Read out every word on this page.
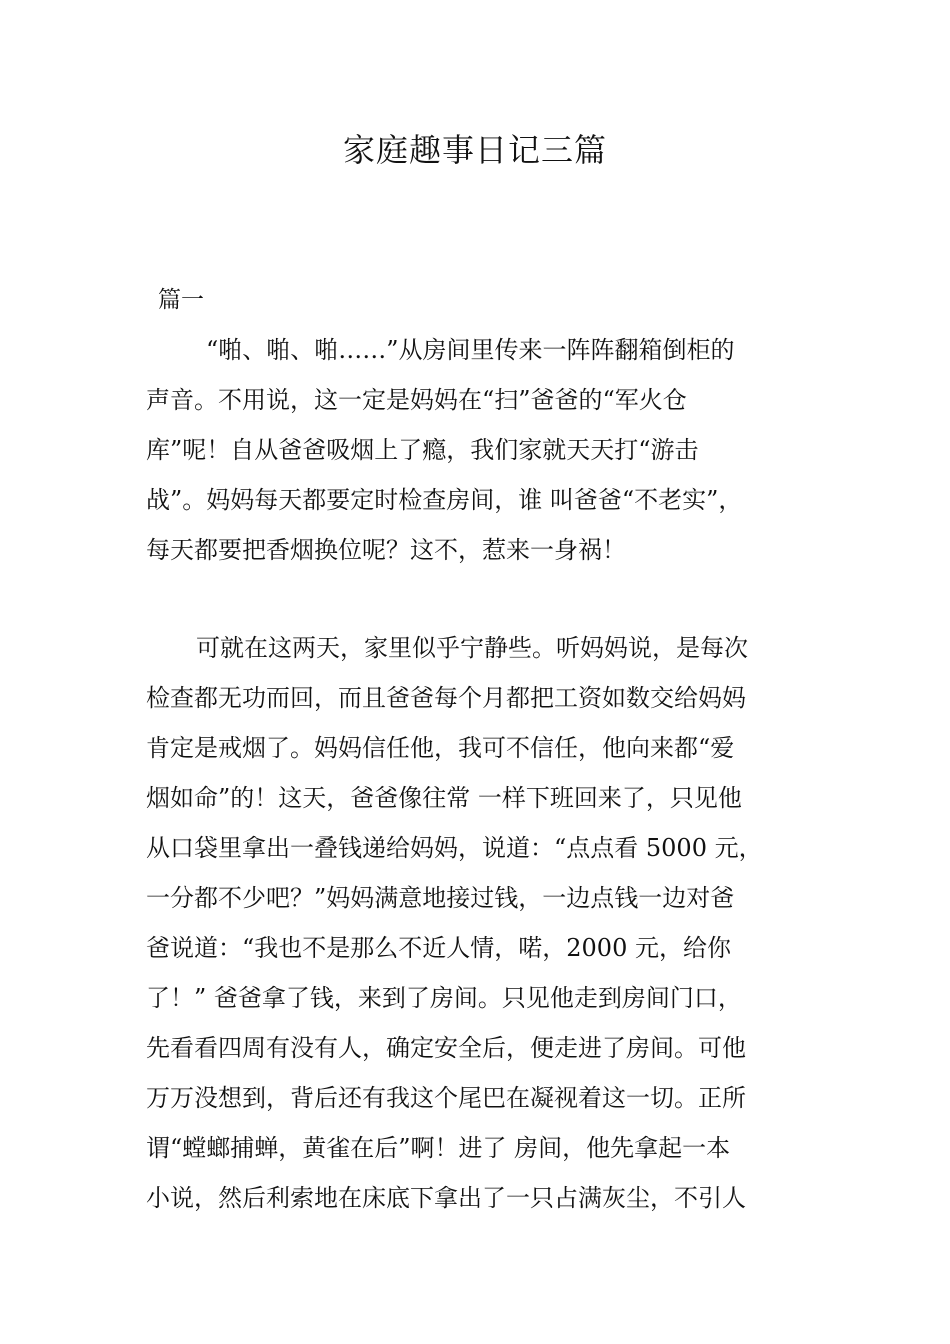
家庭趣事日记三篇
篇一
“啪、啪、啪……”从房间里传来一阵阵翻箱倒柜的
声音。不用说，这一定是妈妈在“扫”爸爸的“军火仓
库”呢！自从爸爸吸烟上了瘾，我们家就天天打“游击
战”。妈妈每天都要定时检查房间，谁 叫爸爸“不老实”，
每天都要把香烟换位呢？这不，惹来一身祸！
可就在这两天，家里似乎宁静些。听妈妈说，是每次
检查都无功而回，而且爸爸每个月都把工资如数交给妈妈
肯定是戒烟了。妈妈信任他，我可不信任，他向来都“爱
烟如命”的！这天，爸爸像往常 一样下班回来了，只见他
从口袋里拿出一叠钱递给妈妈，说道：“点点看 5000 元，
一分都不少吧？”妈妈满意地接过钱，一边点钱一边对爸
爸说道：“我也不是那么不近人情，喏，2000 元，给你
了！” 爸爸拿了钱，来到了房间。只见他走到房间门口，
先看看四周有没有人，确定安全后，便走进了房间。可他
万万没想到，背后还有我这个尾巴在凝视着这一切。正所
谓“螳螂捕蝉，黄雀在后”啊！进了 房间，他先拿起一本
小说，然后利索地在床底下拿出了一只占满灰尘，不引人
